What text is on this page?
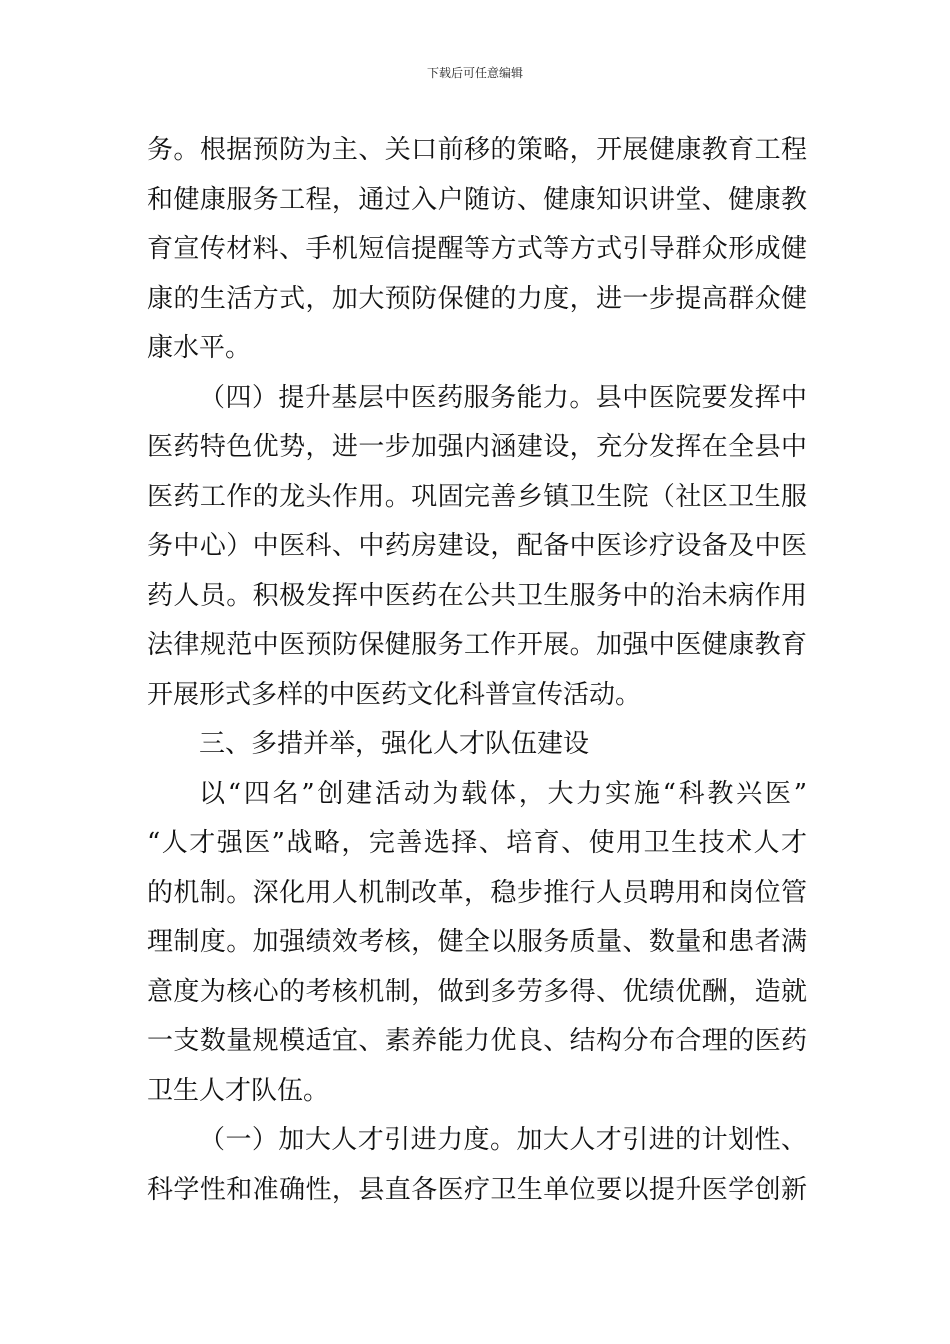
下载后可任意编辑
务。根据预防为主、关口前移的策略，开展健康教育工程
和健康服务工程，通过入户随访、健康知识讲堂、健康教
育宣传材料、手机短信提醒等方式等方式引导群众形成健
康的生活方式，加大预防保健的力度，进一步提高群众健
康水平。
（四）提升基层中医药服务能力。县中医院要发挥中
医药特色优势，进一步加强内涵建设，充分发挥在全县中
医药工作的龙头作用。巩固完善乡镇卫生院（社区卫生服
务中心）中医科、中药房建设，配备中医诊疗设备及中医
药人员。积极发挥中医药在公共卫生服务中的治未病作用
法律规范中医预防保健服务工作开展。加强中医健康教育
开展形式多样的中医药文化科普宣传活动。
三、多措并举，强化人才队伍建设
以“四名”创建活动为载体，大力实施“科教兴医”
“人才强医”战略，完善选择、培育、使用卫生技术人才
的机制。深化用人机制改革，稳步推行人员聘用和岗位管
理制度。加强绩效考核，健全以服务质量、数量和患者满
意度为核心的考核机制，做到多劳多得、优绩优酬，造就
一支数量规模适宜、素养能力优良、结构分布合理的医药
卫生人才队伍。
（一）加大人才引进力度。加大人才引进的计划性、
科学性和准确性，县直各医疗卫生单位要以提升医学创新
